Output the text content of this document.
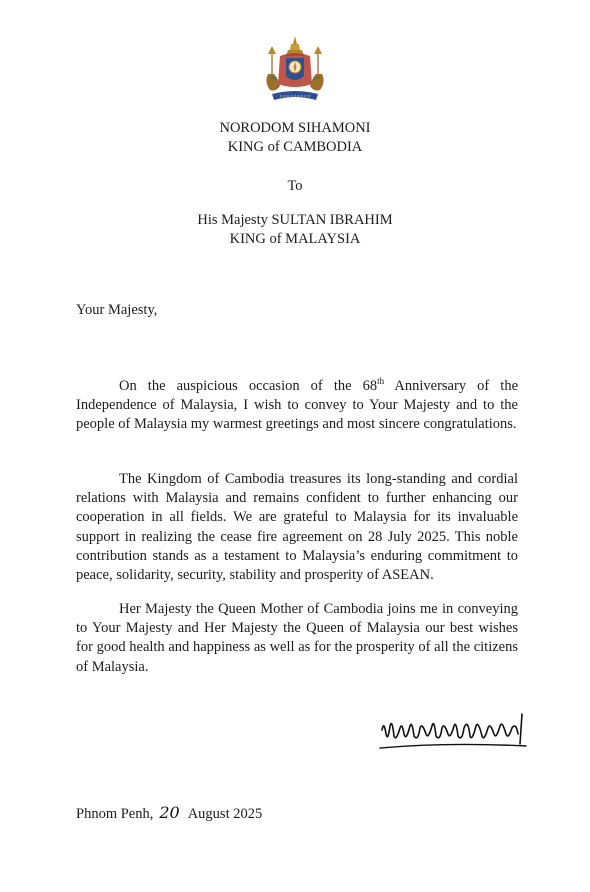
NORODOM SIHAMONI
KING of CAMBODIA
To
His Majesty SULTAN IBRAHIM
KING of MALAYSIA
Your Majesty,

On the auspicious occasion of the 68th Anniversary of the Independence of Malaysia, I wish to convey to Your Majesty and to the people of Malaysia my warmest greetings and most sincere congratulations.

The Kingdom of Cambodia treasures its long-standing and cordial relations with Malaysia and remains confident to further enhancing our cooperation in all fields. We are grateful to Malaysia for its invaluable support in realizing the cease fire agreement on 28 July 2025. This noble contribution stands as a testament to Malaysia’s enduring commitment to peace, solidarity, security, stability and prosperity of ASEAN.

Her Majesty the Queen Mother of Cambodia joins me in conveying to Your Majesty and Her Majesty the Queen of Malaysia our best wishes for good health and happiness as well as for the prosperity of all the citizens of Malaysia.

Phnom Penh, 20 August 2025
